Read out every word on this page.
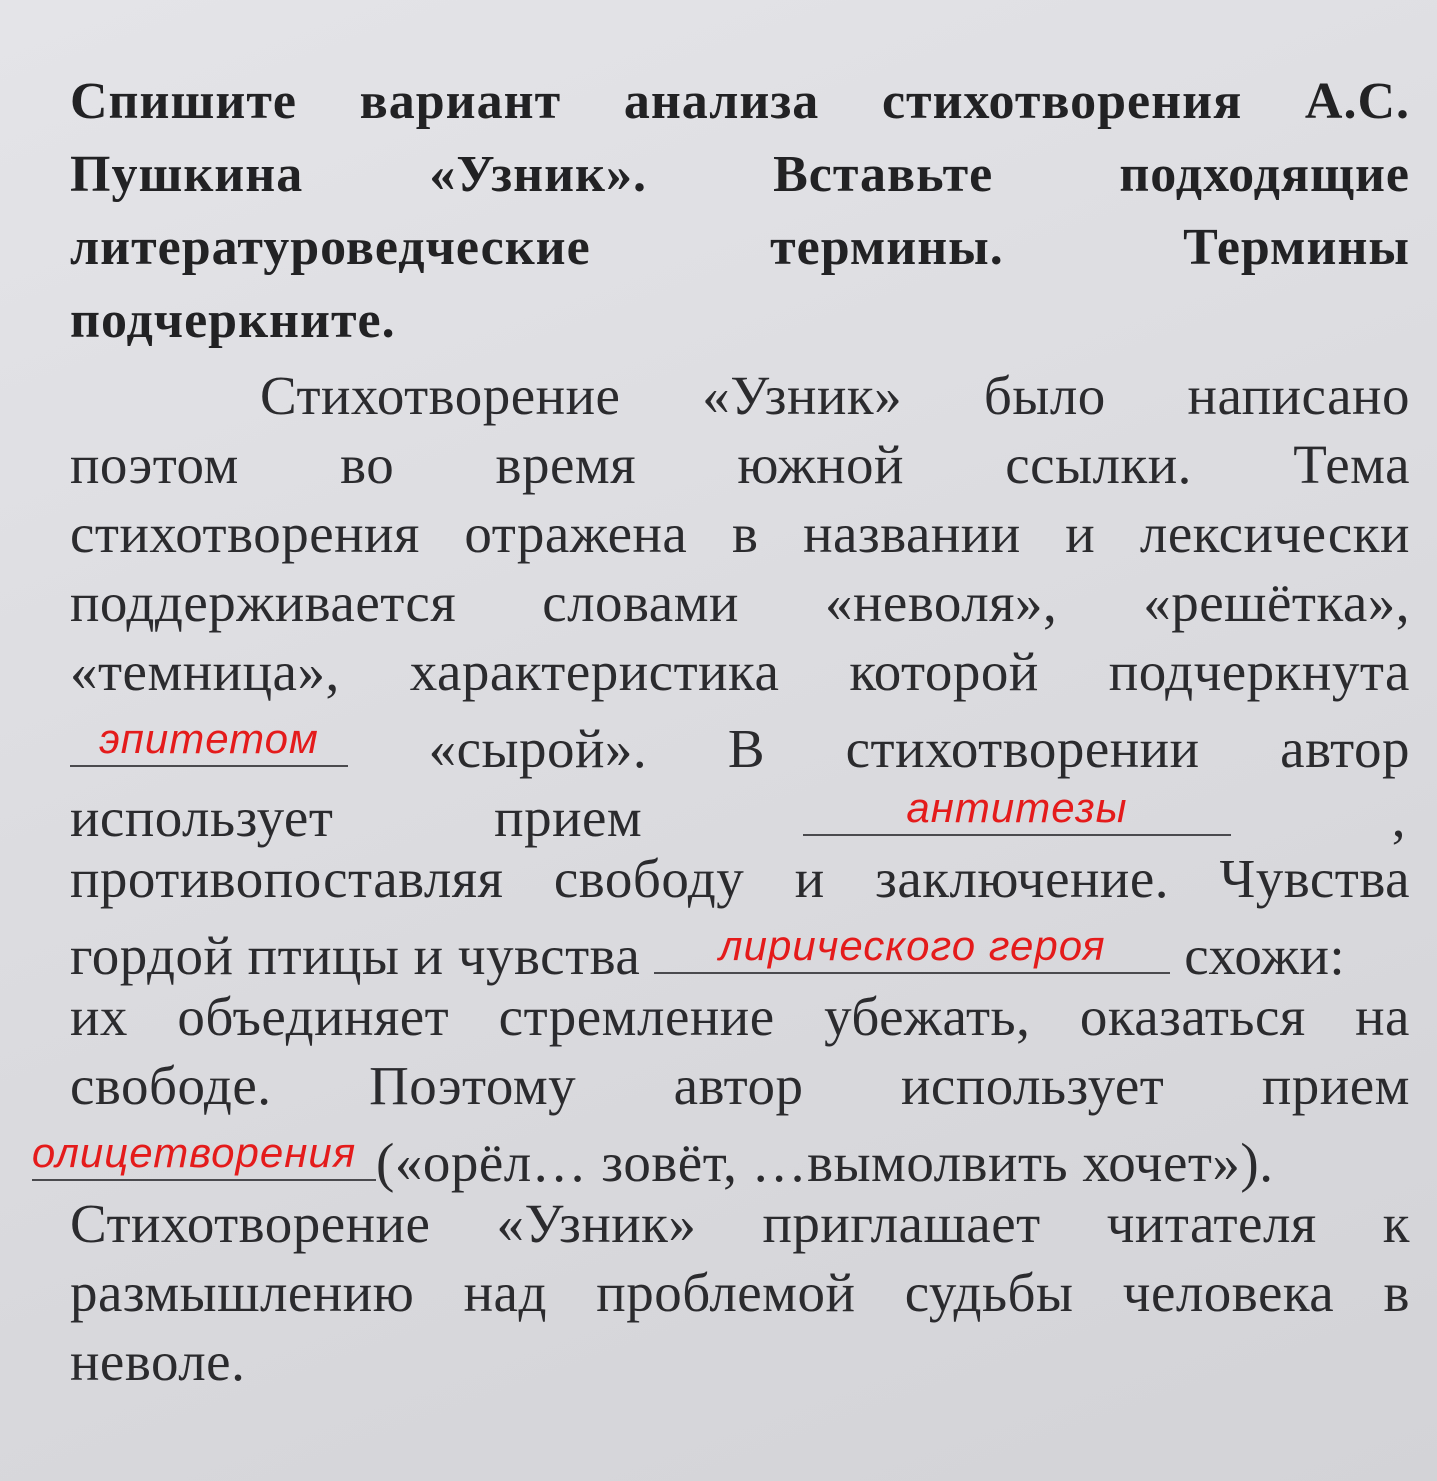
Спишите вариант анализа стихотворения А.С.
Пушкина «Узник». Вставьте подходящие
литературоведческие	термины.	Термины
подчеркните.
Стихотворение «Узник» было написано
поэтом во время южной ссылки. Тема
стихотворения отражена в названии и лексически
поддерживается словами «неволя», «решётка»,
«темница», характеристика которой подчеркнута
эпитетом	«сырой». В стихотворении автор
использует	прием	антитезы	,
противопоставляя свободу и заключение. Чувства
гордой птицы и чувства	лирического героя	схожи:
их объединяет стремление убежать, оказаться на
свободе. Поэтому автор использует прием
олицетворения («орёл… зовёт, …вымолвить хочет»).
Стихотворение «Узник» приглашает читателя к
размышлению над проблемой судьбы человека в
неволе.
